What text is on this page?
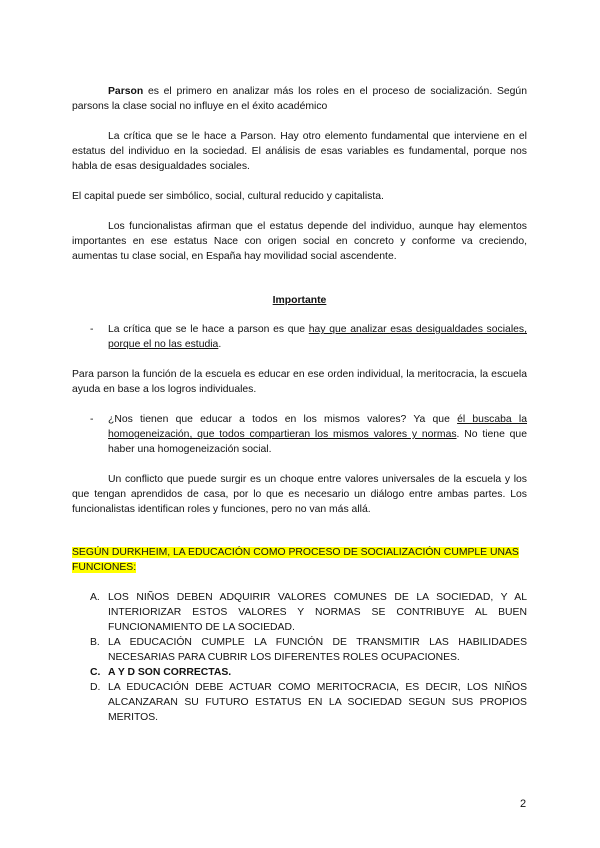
Parson es el primero en analizar más los roles en el proceso de socialización. Según parsons la clase social no influye en el éxito académico

La crítica que se le hace a Parson. Hay otro elemento fundamental que interviene en el estatus del individuo en la sociedad. El análisis de esas variables es fundamental, porque nos habla de esas desigualdades sociales.

El capital puede ser simbólico, social, cultural reducido y capitalista.

Los funcionalistas afirman que el estatus depende del individuo, aunque hay elementos importantes en ese estatus Nace con origen social en concreto y conforme va creciendo, aumentas tu clase social, en España hay movilidad social ascendente.

Importante
- La crítica que se le hace a parson es que hay que analizar esas desigualdades sociales, porque el no las estudia.

Para parson la función de la escuela es educar en ese orden individual, la meritocracia, la escuela ayuda en base a los logros individuales.

- ¿Nos tienen que educar a todos en los mismos valores? Ya que él buscaba la homogeneización, que todos compartieran los mismos valores y normas. No tiene que haber una homogeneización social.

Un conflicto que puede surgir es un choque entre valores universales de la escuela y los que tengan aprendidos de casa, por lo que es necesario un diálogo entre ambas partes. Los funcionalistas identifican roles y funciones, pero no van más allá.

SEGÚN DURKHEIM, LA EDUCACIÓN COMO PROCESO DE SOCIALIZACIÓN CUMPLE UNAS FUNCIONES:

A. LOS NIÑOS DEBEN ADQUIRIR VALORES COMUNES DE LA SOCIEDAD, Y AL INTERIORIZAR ESTOS VALORES Y NORMAS SE CONTRIBUYE AL BUEN FUNCIONAMIENTO DE LA SOCIEDAD.
B. LA EDUCACIÓN CUMPLE LA FUNCIÓN DE TRANSMITIR LAS HABILIDADES NECESARIAS PARA CUBRIR LOS DIFERENTES ROLES OCUPACIONES.
C. A Y D SON CORRECTAS.
D. LA EDUCACIÓN DEBE ACTUAR COMO MERITOCRACIA, ES DECIR, LOS NIÑOS ALCANZARAN SU FUTURO ESTATUS EN LA SOCIEDAD SEGUN SUS PROPIOS MERITOS.
2
